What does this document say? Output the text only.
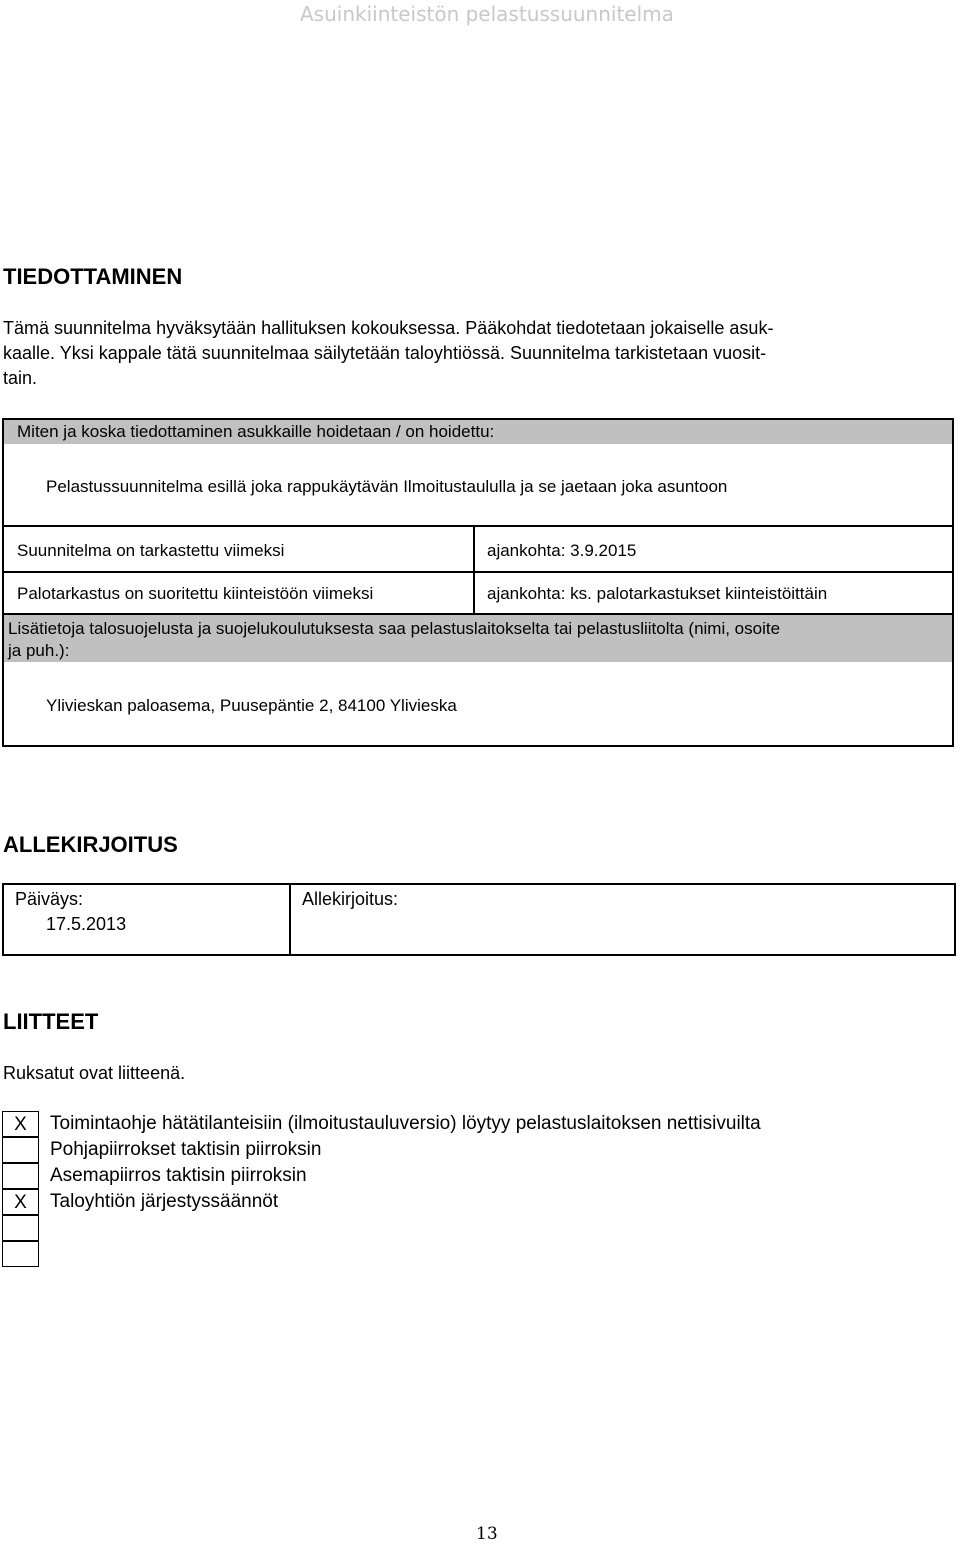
Asuinkiinteistön pelastussuunnitelma
TIEDOTTAMINEN
Tämä suunnitelma hyväksytään hallituksen kokouksessa. Pääkohdat tiedotetaan jokaiselle asuk-
kaalle. Yksi kappale tätä suunnitelmaa säilytetään taloyhtiössä. Suunnitelma tarkistetaan vuosit-
tain.
Miten ja koska tiedottaminen asukkaille hoidetaan / on hoidettu:
Pelastussuunnitelma esillä joka rappukäytävän Ilmoitustaululla ja se jaetaan joka asuntoon
Suunnitelma on tarkastettu viimeksi	ajankohta: 3.9.2015
Palotarkastus on suoritettu kiinteistöön viimeksi	ajankohta: ks. palotarkastukset kiinteistöittäin
Lisätietoja talosuojelusta ja suojelukoulutuksesta saa pelastuslaitokselta tai pelastusliitolta (nimi, osoite
ja puh.):
Ylivieskan paloasema, Puusepäntie 2, 84100 Ylivieska
ALLEKIRJOITUS
Päiväys:
17.5.2013
Allekirjoitus:
LIITTEET
Ruksatut ovat liitteenä.
X	Toimintaohje hätätilanteisiin (ilmoitustauluversio) löytyy pelastuslaitoksen nettisivuilta
Pohjapiirrokset taktisin piirroksin
Asemapiirros taktisin piirroksin
X	Taloyhtiön järjestyssäännöt
13
